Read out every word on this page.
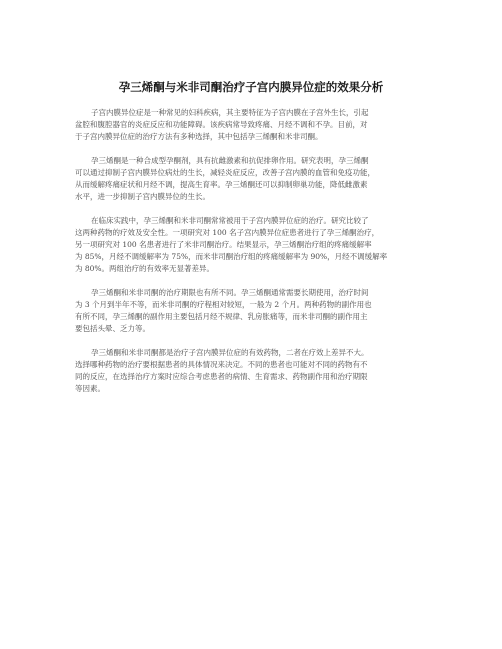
孕三烯酮与米非司酮治疗子宫内膜异位症的效果分析

子宫内膜异位症是一种常见的妇科疾病，其主要特征为子宫内膜在子宫外生长，引起
盆腔和腹腔器官的炎症反应和功能障碍。该疾病常导致疼痛、月经不调和不孕。目前，对
于子宫内膜异位症的治疗方法有多种选择，其中包括孕三烯酮和米非司酮。

孕三烯酮是一种合成型孕酮剂，具有抗雌激素和抗促排卵作用。研究表明，孕三烯酮
可以通过抑制子宫内膜异位病灶的生长，减轻炎症反应，改善子宫内膜的血管和免疫功能，
从而缓解疼痛症状和月经不调，提高生育率。孕三烯酮还可以抑制卵巢功能，降低雌激素
水平，进一步抑制子宫内膜异位的生长。

在临床实践中，孕三烯酮和米非司酮常常被用于子宫内膜异位症的治疗。研究比较了
这两种药物的疗效及安全性。一项研究对 100 名子宫内膜异位症患者进行了孕三烯酮治疗，
另一项研究对 100 名患者进行了米非司酮治疗。结果显示，孕三烯酮治疗组的疼痛缓解率
为 85%，月经不调缓解率为 75%，而米非司酮治疗组的疼痛缓解率为 90%，月经不调缓解率
为 80%。两组治疗的有效率无显著差异。

孕三烯酮和米非司酮的治疗期限也有所不同。孕三烯酮通常需要长期使用，治疗时间
为 3 个月到半年不等，而米非司酮的疗程相对较短，一般为 2 个月。两种药物的副作用也
有所不同，孕三烯酮的副作用主要包括月经不规律、乳房胀痛等，而米非司酮的副作用主
要包括头晕、乏力等。

孕三烯酮和米非司酮都是治疗子宫内膜异位症的有效药物，二者在疗效上差异不大。
选择哪种药物的治疗要根据患者的具体情况来决定。不同的患者也可能对不同的药物有不
同的反应，在选择治疗方案时应综合考虑患者的病情、生育需求、药物副作用和治疗期限
等因素。
